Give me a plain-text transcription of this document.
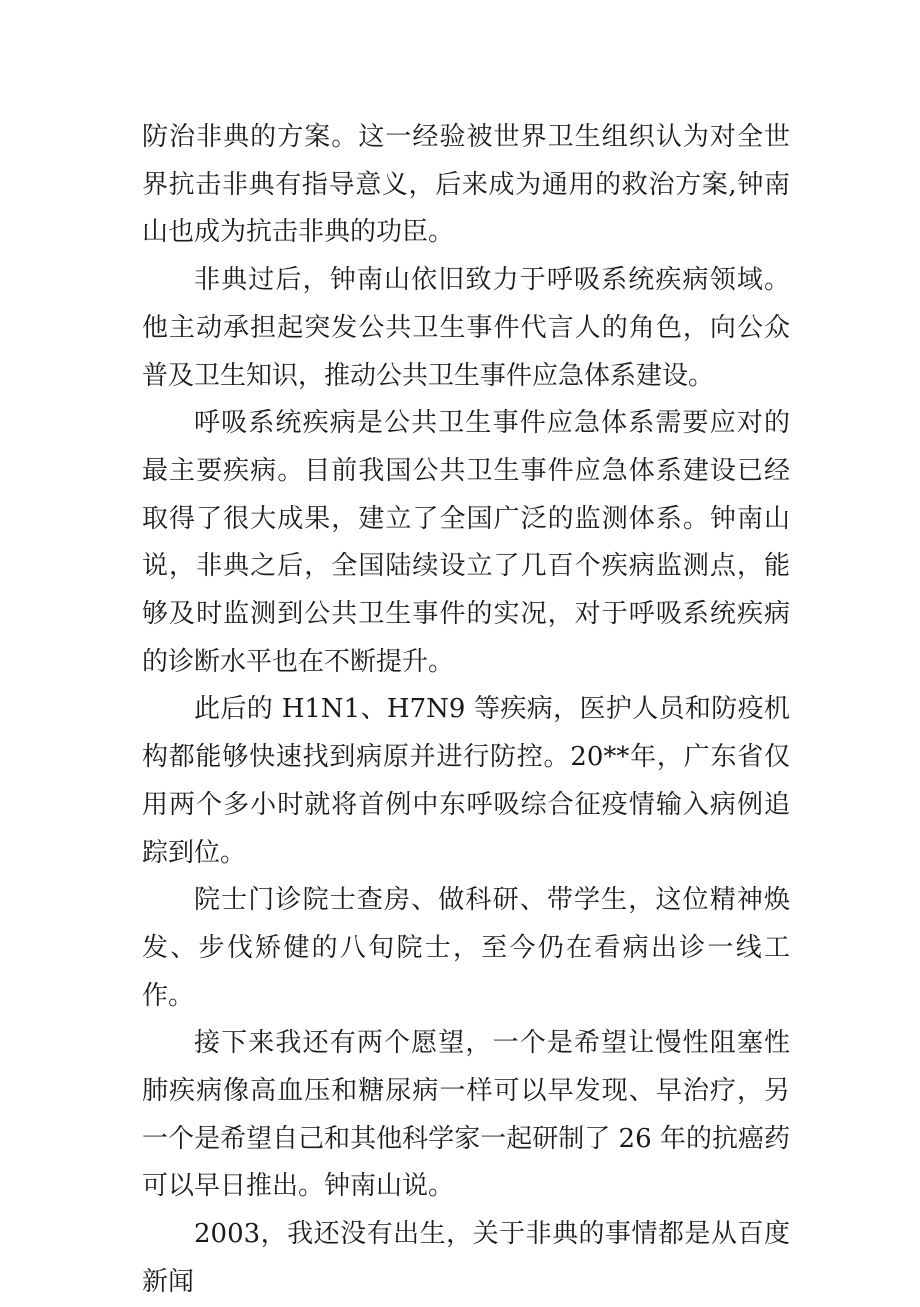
防治非典的方案。这一经验被世界卫生组织认为对全世界抗击非典有指导意义，后来成为通用的救治方案,钟南山也成为抗击非典的功臣。

非典过后，钟南山依旧致力于呼吸系统疾病领域。他主动承担起突发公共卫生事件代言人的角色，向公众普及卫生知识，推动公共卫生事件应急体系建设。

呼吸系统疾病是公共卫生事件应急体系需要应对的最主要疾病。目前我国公共卫生事件应急体系建设已经取得了很大成果，建立了全国广泛的监测体系。钟南山说，非典之后，全国陆续设立了几百个疾病监测点，能够及时监测到公共卫生事件的实况，对于呼吸系统疾病的诊断水平也在不断提升。

此后的 H1N1、H7N9 等疾病，医护人员和防疫机构都能够快速找到病原并进行防控。20**年，广东省仅用两个多小时就将首例中东呼吸综合征疫情输入病例追踪到位。

院士门诊院士查房、做科研、带学生，这位精神焕发、步伐矫健的八旬院士，至今仍在看病出诊一线工作。

接下来我还有两个愿望，一个是希望让慢性阻塞性肺疾病像高血压和糖尿病一样可以早发现、早治疗，另一个是希望自己和其他科学家一起研制了 26 年的抗癌药可以早日推出。钟南山说。

2003，我还没有出生，关于非典的事情都是从百度新闻
